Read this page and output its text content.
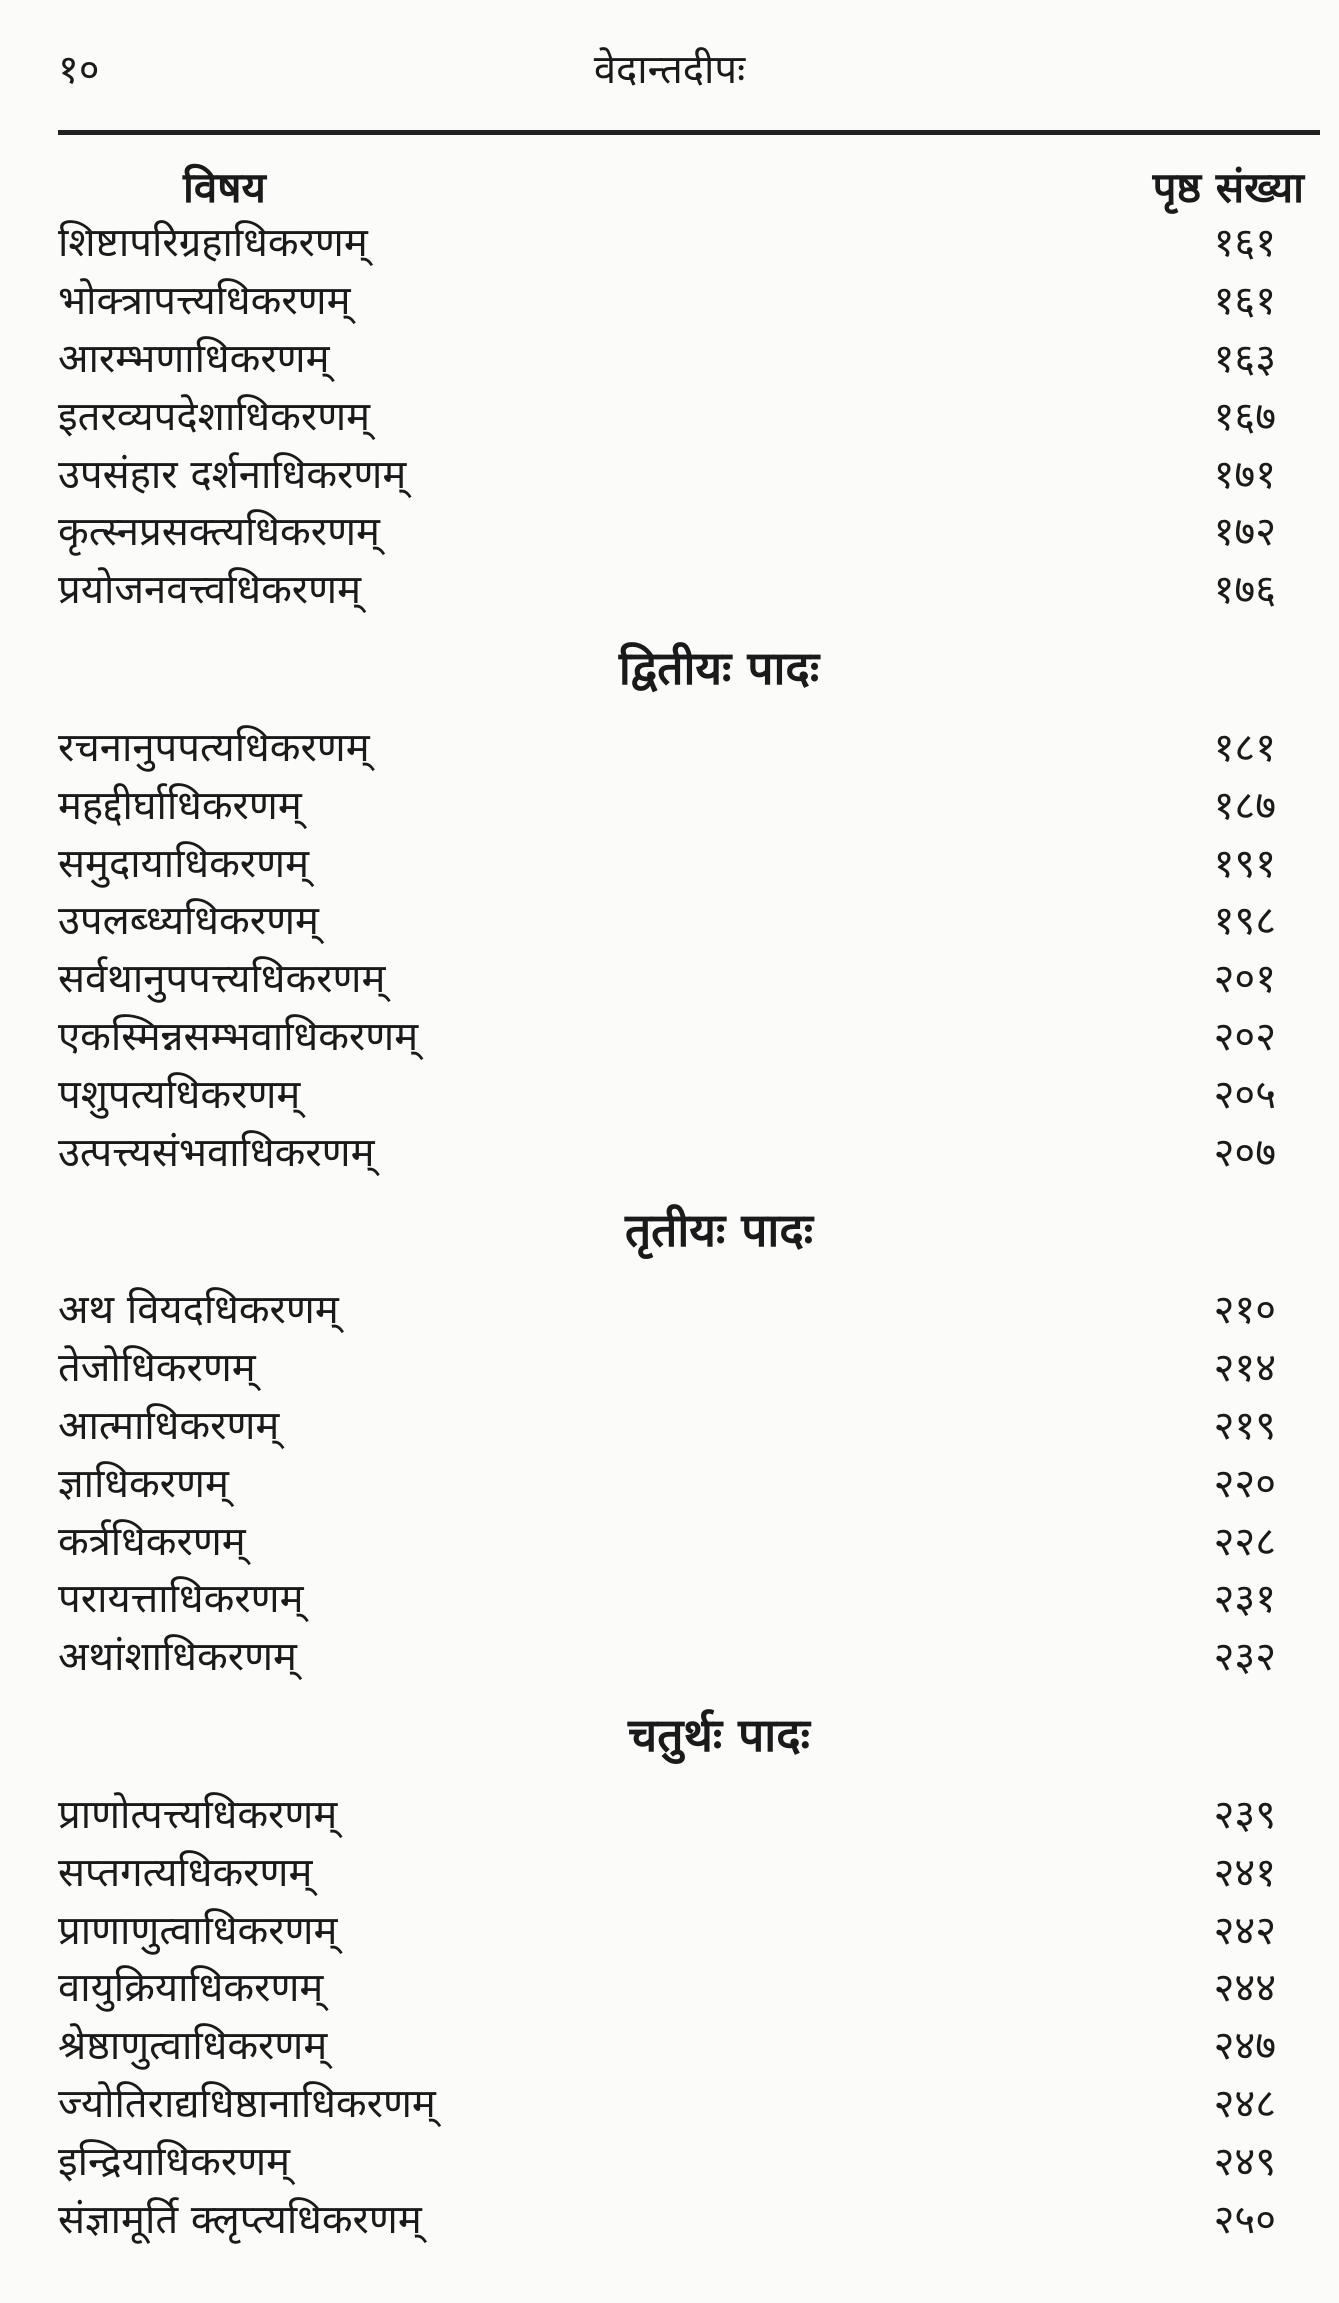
१०	वेदान्तदीपः
विषय	पृष्ठ संख्या
शिष्टापरिग्रहाधिकरणम्	१६१
भोक्त्रापत्त्यधिकरणम्	१६१
आरम्भणाधिकरणम्	१६३
इतरव्यपदेशाधिकरणम्	१६७
उपसंहार दर्शनाधिकरणम्	१७१
कृत्स्नप्रसक्त्यधिकरणम्	१७२
प्रयोजनवत्त्वधिकरणम्	१७६
द्वितीयः पादः
रचनानुपपत्यधिकरणम्	१८१
महद्दीर्घाधिकरणम्	१८७
समुदायाधिकरणम्	१९१
उपलब्ध्यधिकरणम्	१९८
सर्वथानुपपत्त्यधिकरणम्	२०१
एकस्मिन्नसम्भवाधिकरणम्	२०२
पशुपत्यधिकरणम्	२०५
उत्पत्त्यसंभवाधिकरणम्	२०७
तृतीयः पादः
अथ वियदधिकरणम्	२१०
तेजोधिकरणम्	२१४
आत्माधिकरणम्	२१९
ज्ञाधिकरणम्	२२०
कर्त्रधिकरणम्	२२८
परायत्ताधिकरणम्	२३१
अथांशाधिकरणम्	२३२
चतुर्थः पादः
प्राणोत्पत्त्यधिकरणम्	२३९
सप्तगत्यधिकरणम्	२४१
प्राणाणुत्वाधिकरणम्	२४२
वायुक्रियाधिकरणम्	२४४
श्रेष्ठाणुत्वाधिकरणम्	२४७
ज्योतिराद्यधिष्ठानाधिकरणम्	२४८
इन्द्रियाधिकरणम्	२४९
संज्ञामूर्ति क्लृप्त्यधिकरणम्	२५०
